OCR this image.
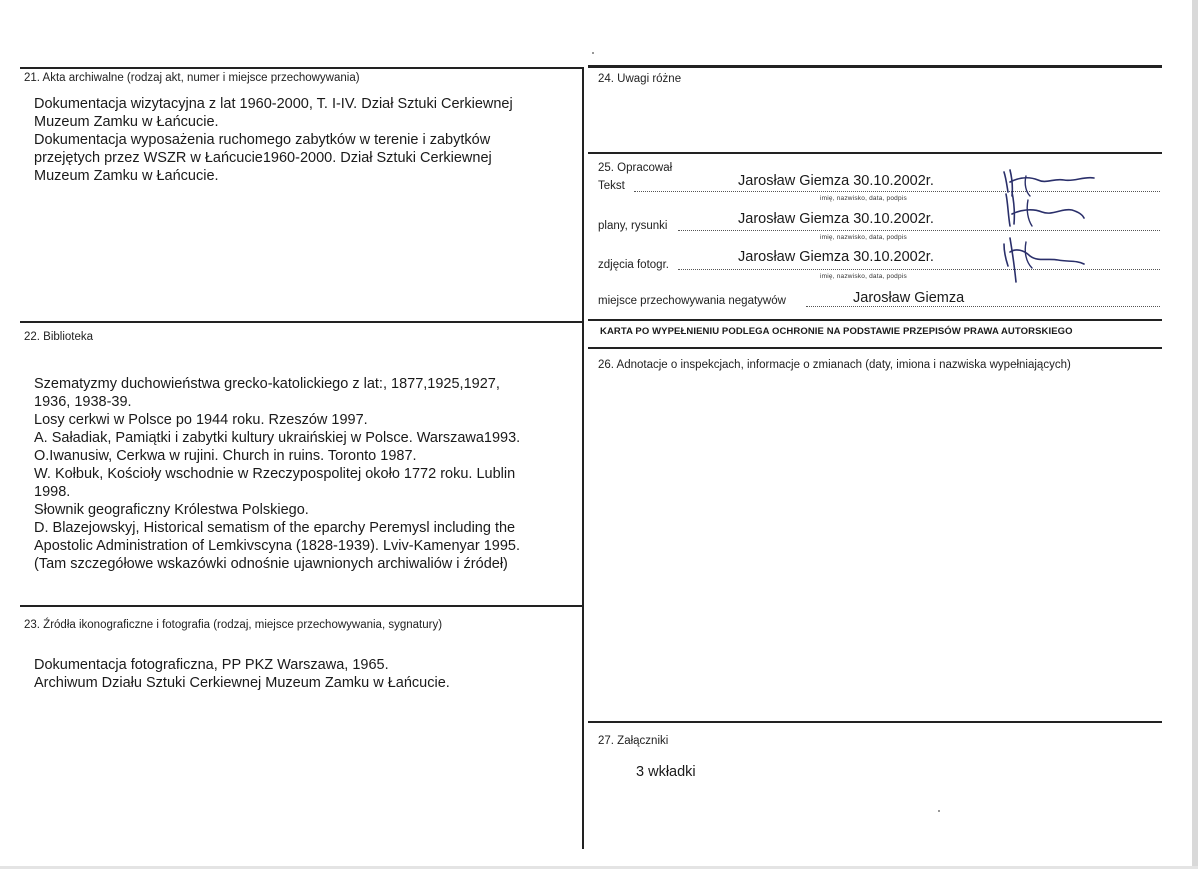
21. Akta archiwalne (rodzaj akt, numer i miejsce przechowywania)
Dokumentacja wizytacyjna z lat 1960-2000, T. I-IV. Dział Sztuki Cerkiewnej
Muzeum Zamku w Łańcucie.
Dokumentacja wyposażenia ruchomego zabytków w terenie i zabytków
przejętych przez WSZR w Łańcucie1960-2000. Dział Sztuki Cerkiewnej
Muzeum Zamku w Łańcucie.
22. Biblioteka
Szematyzmy duchowieństwa grecko-katolickiego z lat:, 1877,1925,1927,
1936, 1938-39.
Losy cerkwi w Polsce po 1944 roku. Rzeszów 1997.
A. Saładiak, Pamiątki i zabytki kultury ukraińskiej w Polsce. Warszawa1993.
O.Iwanusiw, Cerkwa w rujini. Church in ruins. Toronto 1987.
W. Kołbuk, Kościoły wschodnie w Rzeczypospolitej około 1772 roku. Lublin
1998.
Słownik geograficzny Królestwa Polskiego.
D. Blazejowskyj, Historical sematism of the eparchy Peremysl including the
Apostolic Administration of Lemkivscyna (1828-1939). Lviv-Kamenyar 1995.
(Tam szczegółowe wskazówki odnośnie ujawnionych archiwaliów i źródeł)
23. Źródła ikonograficzne i fotografia (rodzaj, miejsce przechowywania, sygnatury)
Dokumentacja fotograficzna, PP PKZ Warszawa, 1965.
Archiwum Działu Sztuki Cerkiewnej Muzeum Zamku w Łańcucie.
24. Uwagi różne
25. Opracował
Tekst	Jarosław Giemza 30.10.2002r.
imię, nazwisko, data, podpis
plany, rysunki	Jarosław Giemza 30.10.2002r.
imię, nazwisko, data, podpis
zdjęcia fotogr.	Jarosław Giemza 30.10.2002r.
imię, nazwisko, data, podpis
miejsce przechowywania negatywów	Jarosław Giemza
KARTA PO WYPEŁNIENIU PODLEGA OCHRONIE NA PODSTAWIE PRZEPISÓW PRAWA AUTORSKIEGO
26. Adnotacje o inspekcjach, informacje o zmianach (daty, imiona i nazwiska wypełniających)
27. Załączniki
3 wkładki
